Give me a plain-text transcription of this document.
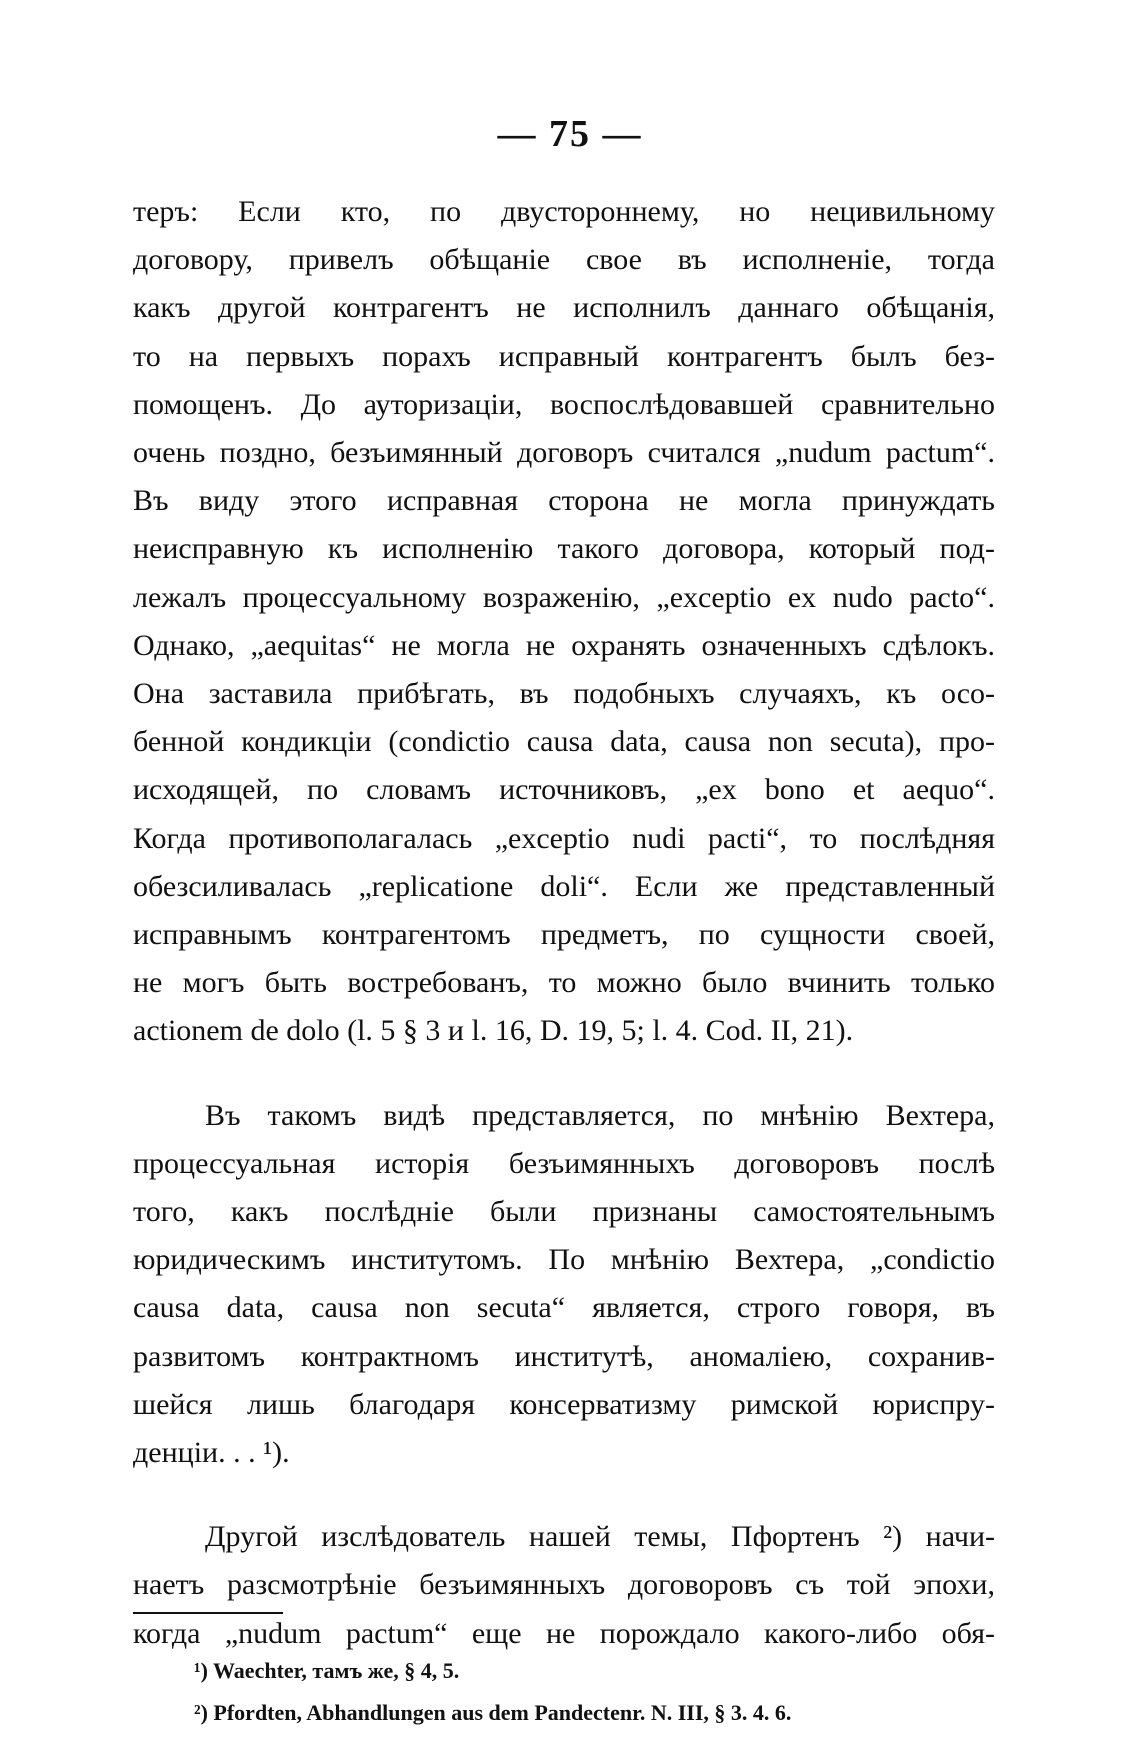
— 75 —
теръ: Если кто, по двустороннему, но нецивильному
договору, привелъ обѣщаніе свое въ исполненіе, тогда
какъ другой контрагентъ не исполнилъ даннаго обѣщанія,
то на первыхъ порахъ исправный контрагентъ былъ без-
помощенъ. До ауторизаціи, воспослѣдовавшей сравнительно
очень поздно, безъимянный договоръ считался „nudum pactum“.
Въ виду этого исправная сторона не могла принуждать
неисправную къ исполненію такого договора, который под-
лежалъ процессуальному возраженію, „exceptio ex nudo pacto“.
Однако, „aequitas“ не могла не охранять означенныхъ сдѣлокъ.
Она заставила прибѣгать, въ подобныхъ случаяхъ, къ осо-
бенной кондикціи (condictio causa data, causa non secuta), про-
исходящей, по словамъ источниковъ, „ex bono et aequo“.
Когда противополагалась „exceptio nudi pacti“, то послѣдняя
обезсиливалась „replicatione doli“. Если же представленный
исправнымъ контрагентомъ предметъ, по сущности своей,
не могъ быть востребованъ, то можно было вчинить только
actionem de dolo (l. 5 § 3 и l. 16, D. 19, 5; l. 4. Cod. II, 21).
Въ такомъ видѣ представляется, по мнѣнію Вехтера,
процессуальная исторія безъимянныхъ договоровъ послѣ
того, какъ послѣдніе были признаны самостоятельнымъ
юридическимъ институтомъ. По мнѣнію Вехтера, „condictio
causa data, causa non secuta“ является, строго говоря, въ
развитомъ контрактномъ институтѣ, аномаліею, сохранив-
шейся лишь благодаря консерватизму римской юриспру-
денціи. . . ¹).
Другой изслѣдователь нашей темы, Пфортенъ ²) начи-
наетъ разсмотрѣніе безъимянныхъ договоровъ съ той эпохи,
когда „nudum pactum“ еще не порождало какого-либо обя-
¹) Waechter, тамъ же, § 4, 5.
²) Pfordten, Abhandlungen aus dem Pandectenr. N. III, § 3. 4. 6.
